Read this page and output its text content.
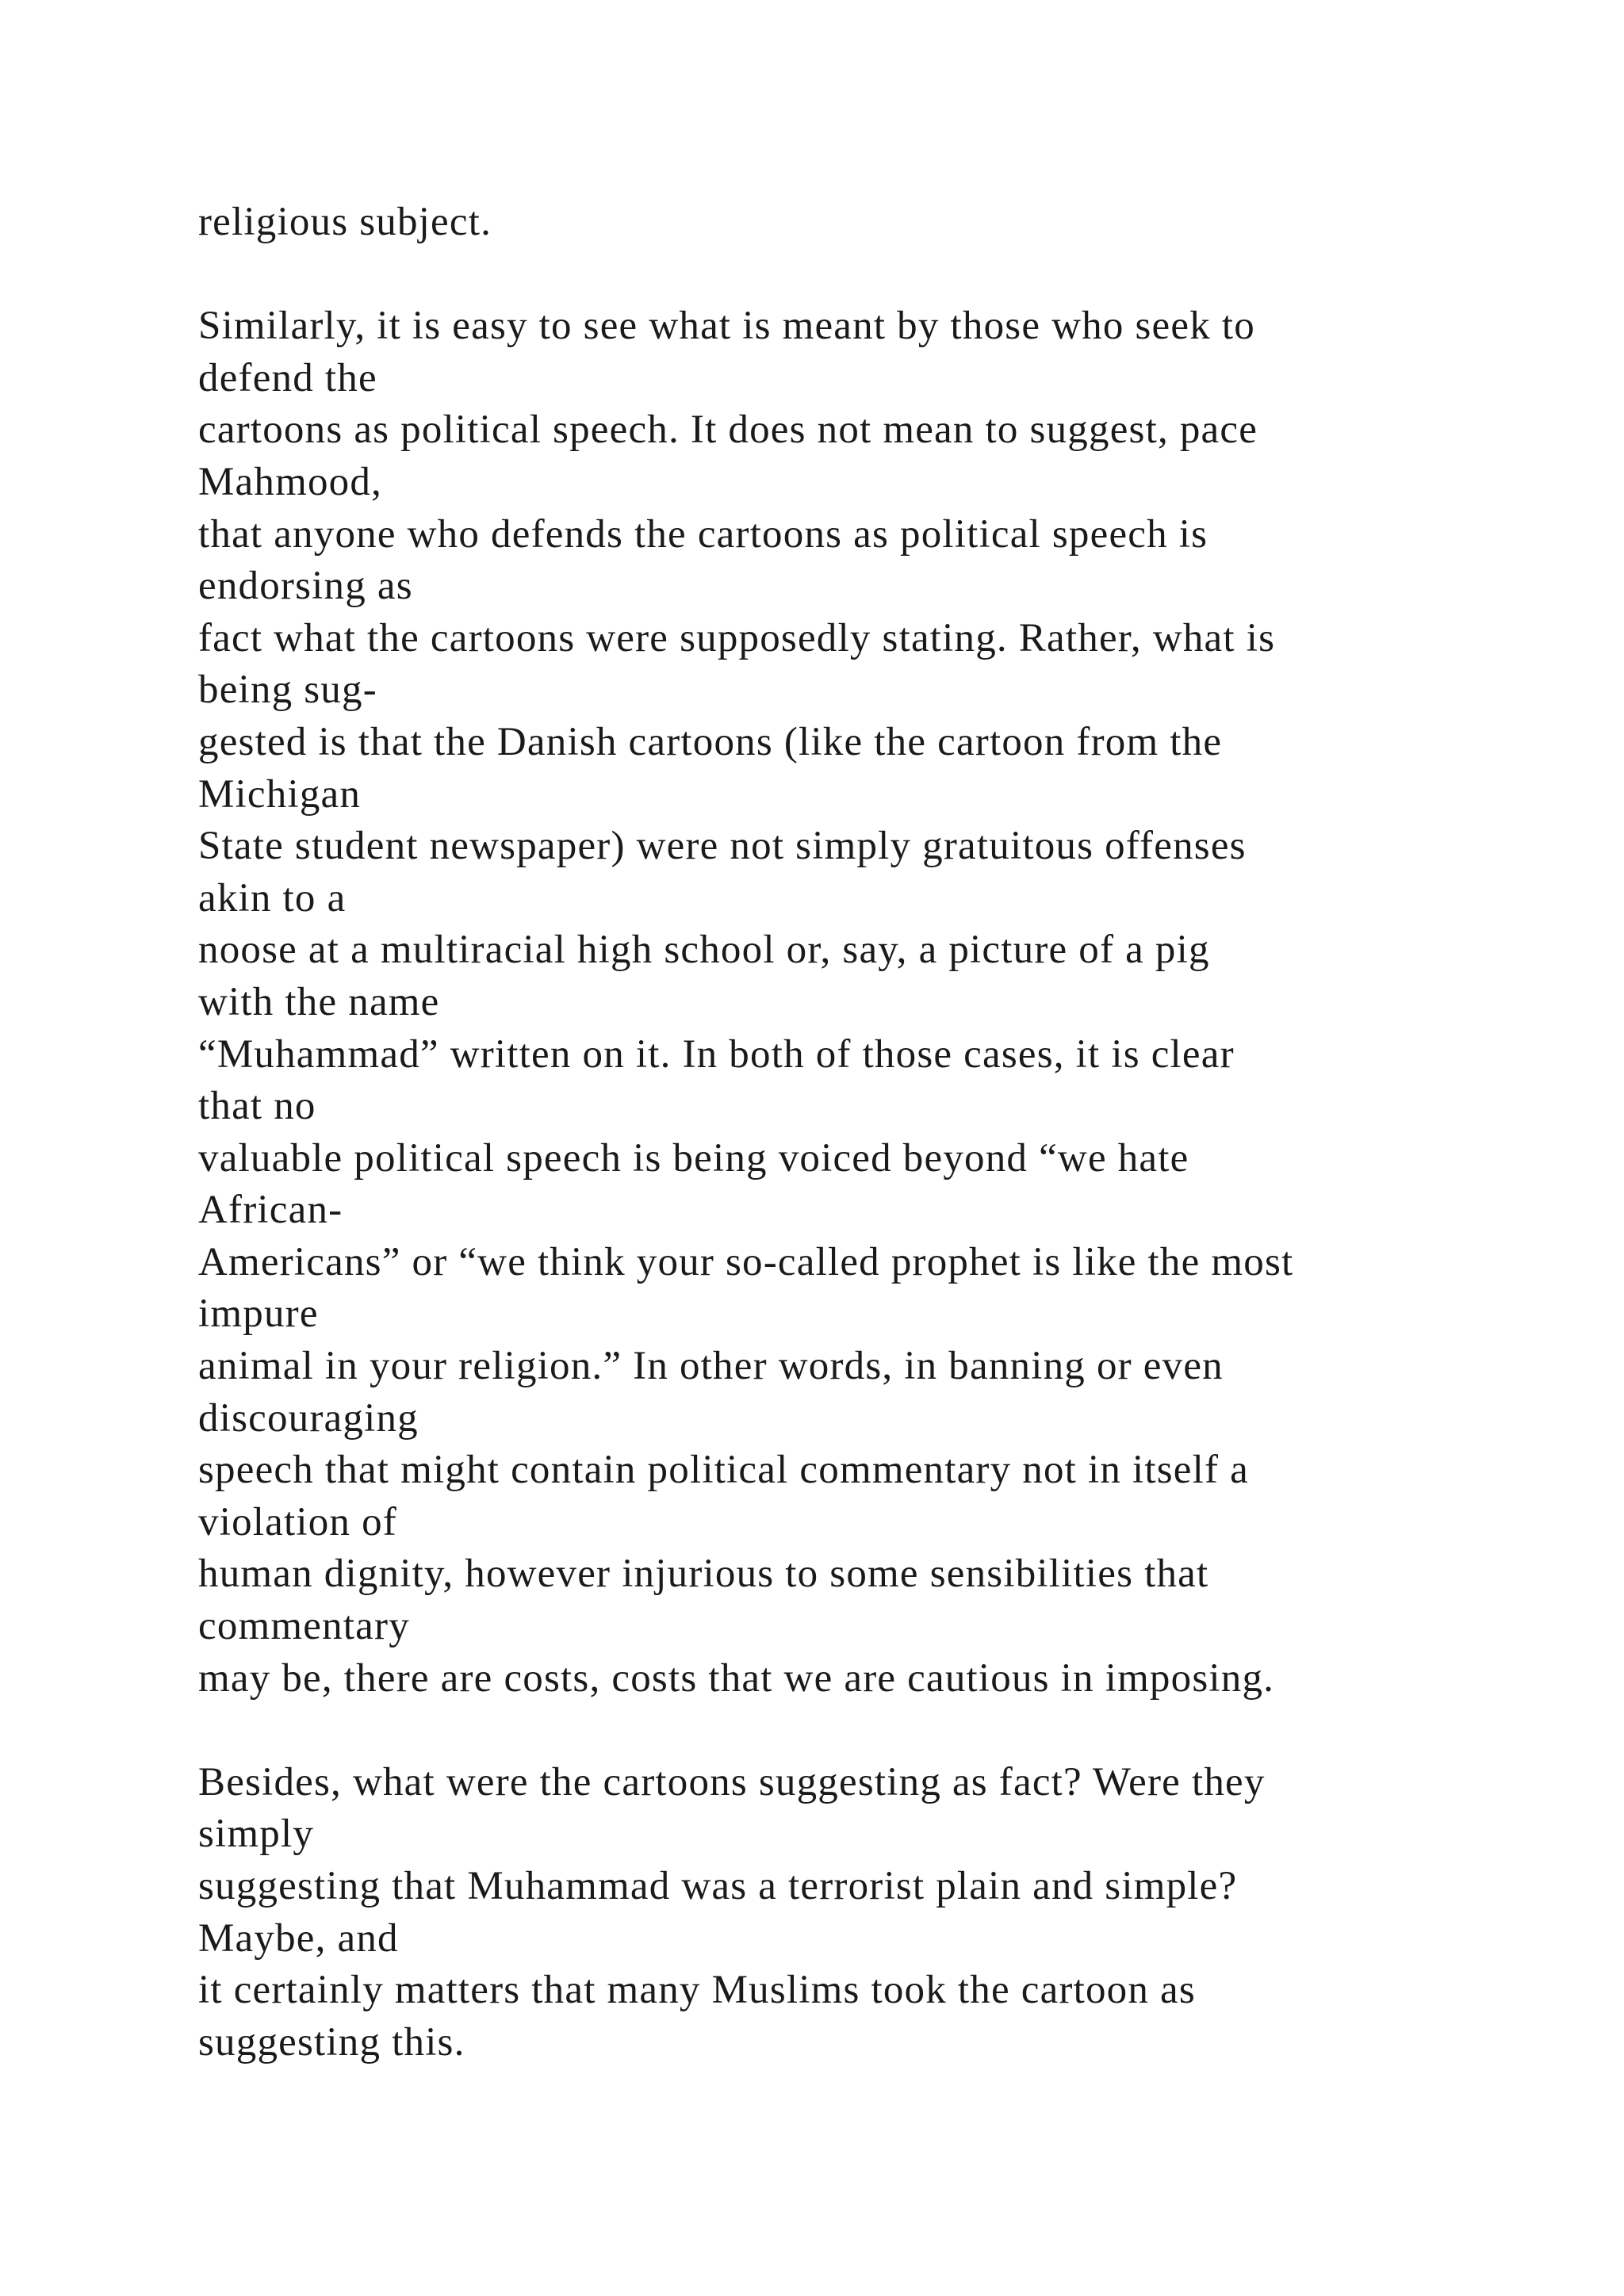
religious subject.
Similarly, it is easy to see what is meant by those who seek to
defend the
cartoons as political speech. It does not mean to suggest, pace
Mahmood,
that anyone who defends the cartoons as political speech is
endorsing as
fact what the cartoons were supposedly stating. Rather, what is
being sug-
gested is that the Danish cartoons (like the cartoon from the
Michigan
State student newspaper) were not simply gratuitous offenses
akin to a
noose at a multiracial high school or, say, a picture of a pig
with the name
“Muhammad” written on it. In both of those cases, it is clear
that no
valuable political speech is being voiced beyond “we hate
African-
Americans” or “we think your so-called prophet is like the most
impure
animal in your religion.” In other words, in banning or even
discouraging
speech that might contain political commentary not in itself a
violation of
human dignity, however injurious to some sensibilities that
commentary
may be, there are costs, costs that we are cautious in imposing.
Besides, what were the cartoons suggesting as fact? Were they
simply
suggesting that Muhammad was a terrorist plain and simple?
Maybe, and
it certainly matters that many Muslims took the cartoon as
suggesting this.
